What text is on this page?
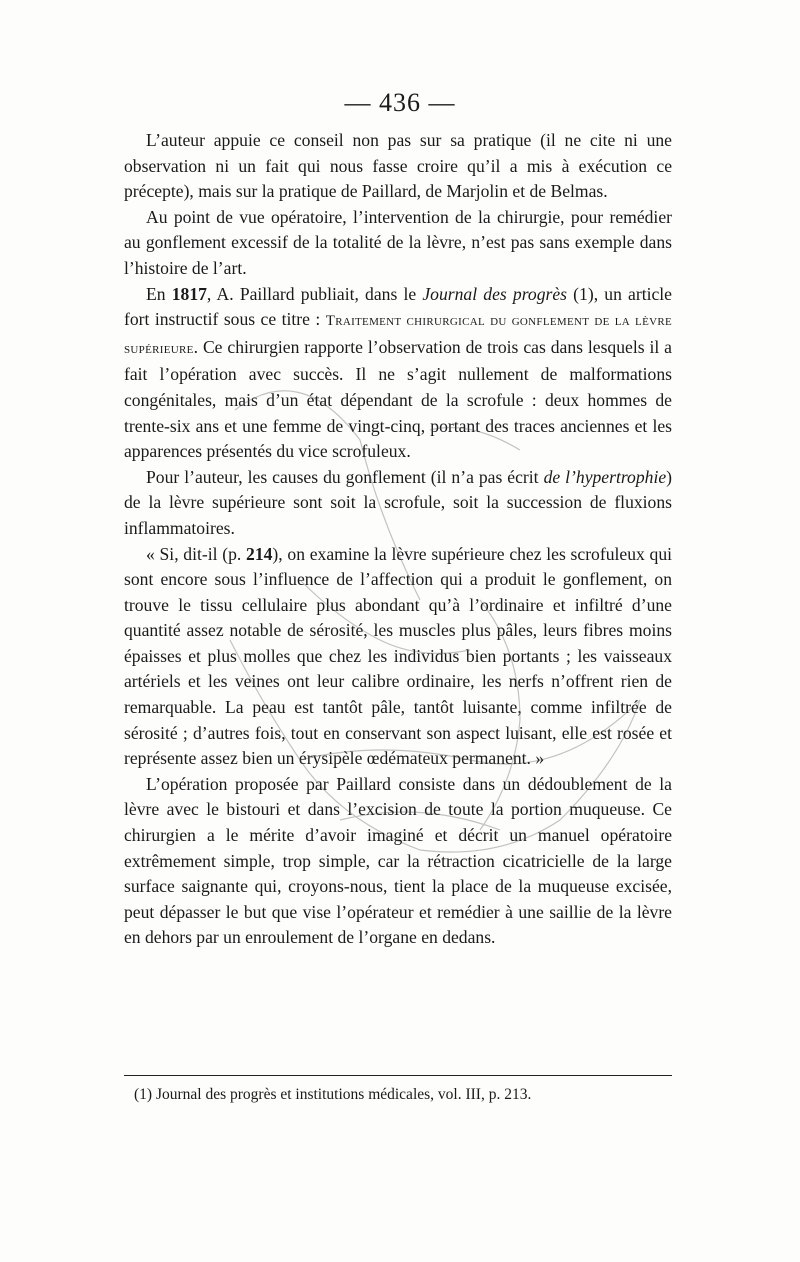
— 436 —

L’auteur appuie ce conseil non pas sur sa pratique (il ne cite ni une observation ni un fait qui nous fasse croire qu’il a mis à exécution ce précepte), mais sur la pratique de Paillard, de Marjolin et de Belmas.

Au point de vue opératoire, l’intervention de la chirurgie, pour remédier au gonflement excessif de la totalité de la lèvre, n’est pas sans exemple dans l’histoire de l’art.

En 1817, A. Paillard publiait, dans le Journal des progrès (1), un article fort instructif sous ce titre : Traitement chirurgical du gonflement de la lèvre supérieure. Ce chirurgien rapporte l’observation de trois cas dans lesquels il a fait l’opération avec succès. Il ne s’agit nullement de malformations congénitales, mais d’un état dépendant de la scrofule : deux hommes de trente-six ans et une femme de vingt-cinq, portant des traces anciennes et les apparences présentés du vice scrofuleux.

Pour l’auteur, les causes du gonflement (il n’a pas écrit de l’hypertrophie) de la lèvre supérieure sont soit la scrofule, soit la succession de fluxions inflammatoires.

« Si, dit-il (p. 214), on examine la lèvre supérieure chez les scrofuleux qui sont encore sous l’influence de l’affection qui a produit le gonflement, on trouve le tissu cellulaire plus abondant qu’à l’ordinaire et infiltré d’une quantité assez notable de sérosité, les muscles plus pâles, leurs fibres moins épaisses et plus molles que chez les individus bien portants ; les vaisseaux artériels et les veines ont leur calibre ordinaire, les nerfs n’offrent rien de remarquable. La peau est tantôt pâle, tantôt luisante, comme infiltrée de sérosité ; d’autres fois, tout en conservant son aspect luisant, elle est rosée et représente assez bien un érysipèle œdémateux permanent. »

L’opération proposée par Paillard consiste dans un dédoublement de la lèvre avec le bistouri et dans l’excision de toute la portion muqueuse. Ce chirurgien a le mérite d’avoir imaginé et décrit un manuel opératoire extrêmement simple, trop simple, car la rétraction cicatricielle de la large surface saignante qui, croyons-nous, tient la place de la muqueuse excisée, peut dépasser le but que vise l’opérateur et remédier à une saillie de la lèvre en dehors par un enroulement de l’organe en dedans.

(1) Journal des progrès et institutions médicales, vol. III, p. 213.
